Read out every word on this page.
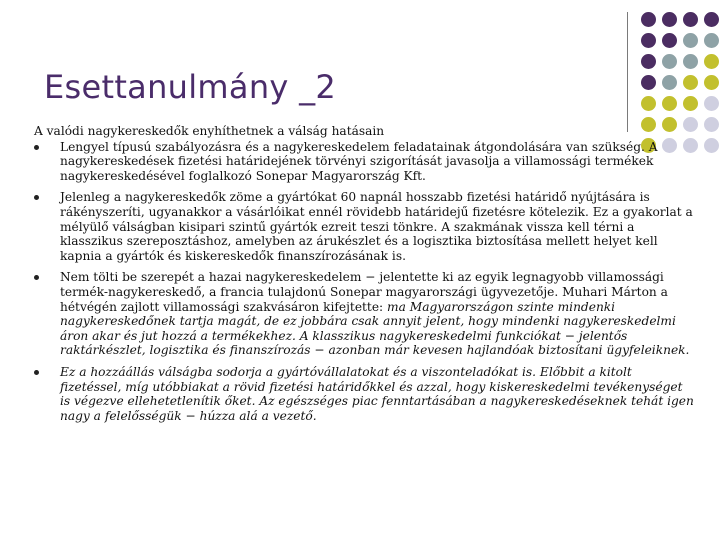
Esettanulmány _2
A valódi nagykereskedők enyhíthetnek a válság hatásain
Lengyel típusú szabályozásra és a nagykereskedelem feladatainak átgondolására van szükség. A nagykereskedések fizetési határidejének törvényi szigorítását javasolja a villamossági termékek nagykereskedésével foglalkozó Sonepar Magyarország Kft.
Jelenleg a nagykereskedők zöme a gyártókat 60 napnál hosszabb fizetési határidő nyújtására is rákényszeríti, ugyanakkor a vásárlóikat ennél rövidebb határidejű fizetésre kötelezik. Ez a gyakorlat a mélyülő válságban kisipari szintű gyártók ezreit teszi tönkre. A szakmának vissza kell térni a klasszikus szereposztáshoz, amelyben az árukészlet és a logisztika biztosítása mellett helyet kell kapnia a gyártók és kiskereskedők finanszírozásának is.
Nem tölti be szerepét a hazai nagykereskedelem − jelentette ki az egyik legnagyobb villamossági termék-nagykereskedő, a francia tulajdonú Sonepar magyarországi ügyvezetője. Muhari Márton a hétvégén zajlott villamossági szakvásáron kifejtette: ma Magyarországon szinte mindenki nagykereskedőnek tartja magát, de ez jobbára csak annyit jelent, hogy mindenki nagykereskedelmi áron akar és jut hozzá a termékekhez. A klasszikus nagykereskedelmi funkciókat − jelentős raktárkészlet, logisztika és finanszírozás − azonban már kevesen hajlandóak biztosítani ügyfeleiknek.
Ez a hozzáállás válságba sodorja a gyártóvállalatokat és a viszonteladókat is. Előbbit a kitolt fizetéssel, míg utóbbiakat a rövid fizetési határidőkkel és azzal, hogy kiskereskedelmi tevékenységet is végezve ellehetetlenítik őket. Az egészséges piac fenntartásában a nagykereskedéseknek tehát igen nagy a felelősségük − húzza alá a vezető.
